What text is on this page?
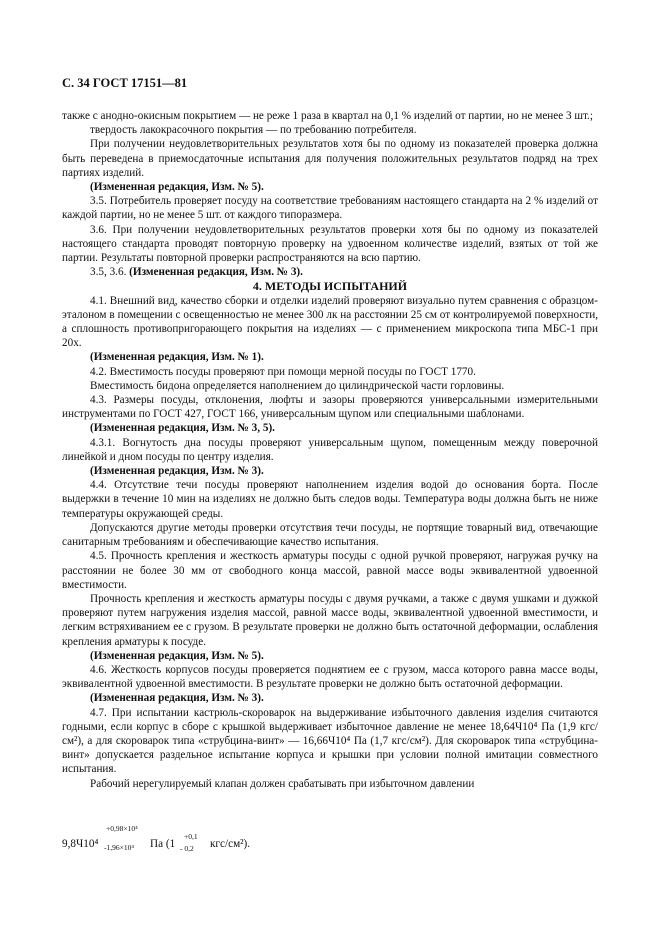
С. 34 ГОСТ 17151—81

также с анодно-окисным покрытием — не реже 1 раза в квартал на 0,1 % изделий от партии, но не менее 3 шт.;

твердость лакокрасочного покрытия — по требованию потребителя.

При получении неудовлетворительных результатов хотя бы по одному из показателей проверка должна быть переведена в приемосдаточные испытания для получения положительных результатов подряд на трех партиях изделий.

(Измененная редакция, Изм. № 5).

3.5. Потребитель проверяет посуду на соответствие требованиям настоящего стандарта на 2 % изделий от каждой партии, но не менее 5 шт. от каждого типоразмера.

3.6. При получении неудовлетворительных результатов проверки хотя бы по одному из показателей настоящего стандарта проводят повторную проверку на удвоенном количестве изделий, взятых от той же партии. Результаты повторной проверки распространяются на всю партию.

3.5, 3.6. (Измененная редакция, Изм. № 3).

4. МЕТОДЫ ИСПЫТАНИЙ

4.1. Внешний вид, качество сборки и отделки изделий проверяют визуально путем сравнения с образцом-эталоном в помещении с освещенностью не менее 300 лк на расстоянии 25 см от контролируемой поверхности, а сплошность противопригорающего покрытия на изделиях — с применением микроскопа типа МБС-1 при 20х.

(Измененная редакция, Изм. № 1).

4.2. Вместимость посуды проверяют при помощи мерной посуды по ГОСТ 1770.

Вместимость бидона определяется наполнением до цилиндрической части горловины.

4.3. Размеры посуды, отклонения, люфты и зазоры проверяются универсальными измерительными инструментами по ГОСТ 427, ГОСТ 166, универсальным щупом или специальными шаблонами.

(Измененная редакция, Изм. № 3, 5).

4.3.1. Вогнутость дна посуды проверяют универсальным щупом, помещенным между поверочной линейкой и дном посуды по центру изделия.

(Измененная редакция, Изм. № 3).

4.4. Отсутствие течи посуды проверяют наполнением изделия водой до основания борта. После выдержки в течение 10 мин на изделиях не должно быть следов воды. Температура воды должна быть не ниже температуры окружающей среды.

Допускаются другие методы проверки отсутствия течи посуды, не портящие товарный вид, отвечающие санитарным требованиям и обеспечивающие качество испытания.

4.5. Прочность крепления и жесткость арматуры посуды с одной ручкой проверяют, нагружая ручку на расстоянии не более 30 мм от свободного конца массой, равной массе воды эквивалентной удвоенной вместимости.

Прочность крепления и жесткость арматуры посуды с двумя ручками, а также с двумя ушками и дужкой проверяют путем нагружения изделия массой, равной массе воды, эквивалентной удвоенной вместимости, и легким встряхиванием ее с грузом. В результате проверки не должно быть остаточной деформации, ослабления крепления арматуры к посуде.

(Измененная редакция, Изм. № 5).

4.6. Жесткость корпусов посуды проверяется поднятием ее с грузом, масса которого равна массе воды, эквивалентной удвоенной вместимости. В результате проверки не должно быть остаточной деформации.

(Измененная редакция, Изм. № 3).

4.7. При испытании кастрюль-скороварок на выдерживание избыточного давления изделия считаются годными, если корпус в сборе с крышкой выдерживает избыточное давление не менее 18,64Ч10⁴ Па (1,9 кгс/см²), а для скороварок типа «струбцина-винт» — 16,66Ч10⁴ Па (1,7 кгс/см²). Для скороварок типа «струбцина-винт» допускается раздельное испытание корпуса и крышки при условии полной имитации совместного испытания.

Рабочий нерегулируемый клапан должен срабатывать при избыточном давлении

9,8Ч10⁴
+0,98×10⁴
-1,96×10⁴ Па (1
+0,1
- 0,2 кгс/см²).
